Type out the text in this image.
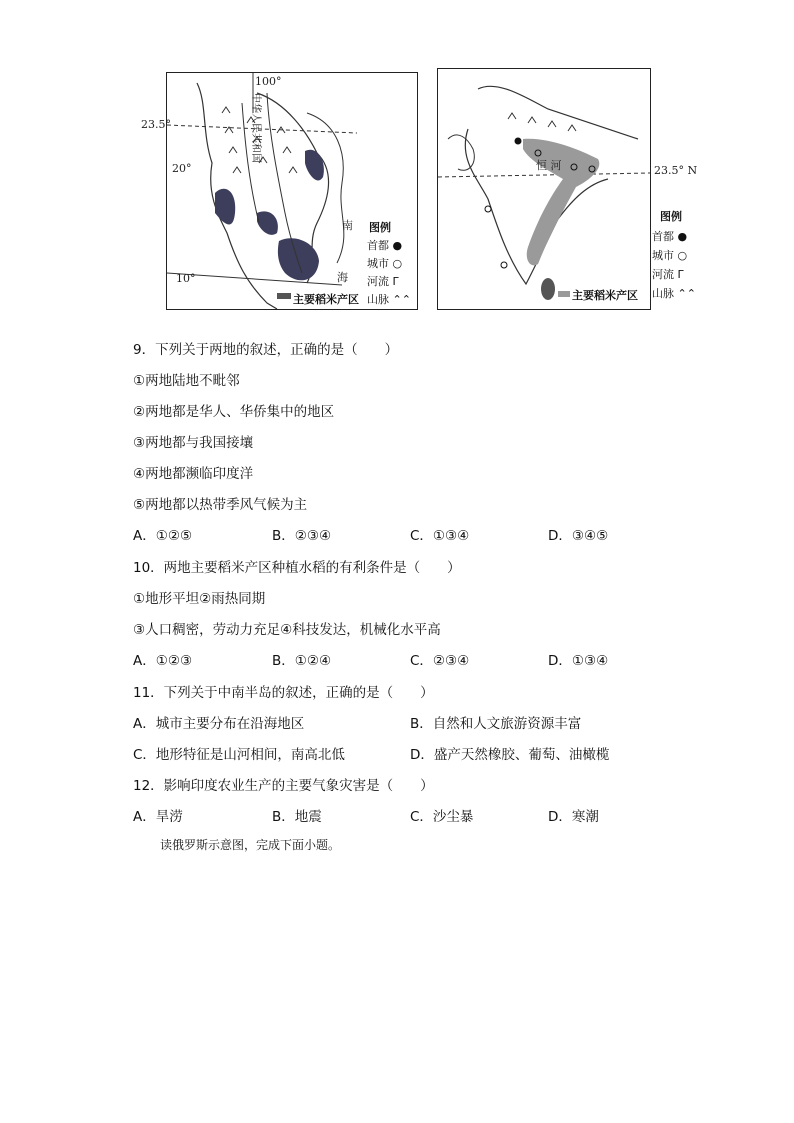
100°
中华人民共和国
南
海
图例
首都 ●
城市 ○
河流 ᒥ
山脉 ⌃⌃
主要稻米产区
23.5°
20°
10°
恒 河
主要稻米产区
23.5° N
图例
首都 ●
城市 ○
河流 ᒥ
山脉 ⌃⌃
9．下列关于两地的叙述，正确的是（　　）
①两地陆地不毗邻
②两地都是华人、华侨集中的地区
③两地都与我国接壤
④两地都濒临印度洋
⑤两地都以热带季风气候为主
A．①②⑤	B．②③④	C．①③④	D．③④⑤
10．两地主要稻米产区种植水稻的有利条件是（　　）
①地形平坦②雨热同期
③人口稠密，劳动力充足④科技发达，机械化水平高
A．①②③	B．①②④	C．②③④	D．①③④
11．下列关于中南半岛的叙述，正确的是（　　）
A．城市主要分布在沿海地区	B．自然和人文旅游资源丰富
C．地形特征是山河相间，南高北低	D．盛产天然橡胶、葡萄、油橄榄
12．影响印度农业生产的主要气象灾害是（　　）
A．旱涝	B．地震	C．沙尘暴	D．寒潮
读俄罗斯示意图，完成下面小题。
